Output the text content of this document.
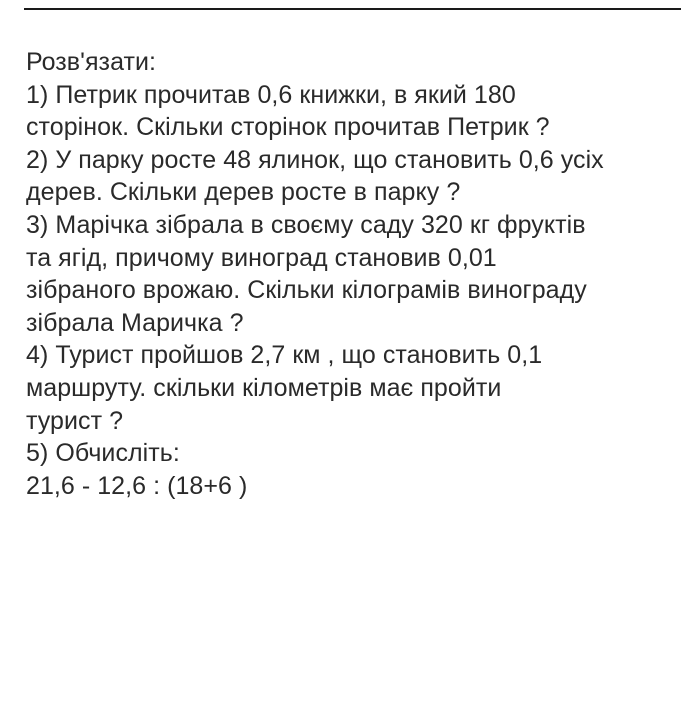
Розв'язати:
1) Петрик прочитав 0,6 книжки, в який 180
сторінок. Скільки сторінок прочитав Петрик ?
2) У парку росте 48 ялинок, що становить 0,6 усіх
дерев. Скільки дерев росте в парку ?
3) Марічка зібрала в своєму саду 320 кг фруктів
та ягід, причому виноград становив 0,01
зібраного врожаю. Скільки кілограмів винограду
зібрала Маричка ?
4) Турист пройшов 2,7 км , що становить 0,1
маршруту. скільки кілометрів має пройти
турист ?
5) Обчисліть:
21,6 - 12,6 : (18+6 )
